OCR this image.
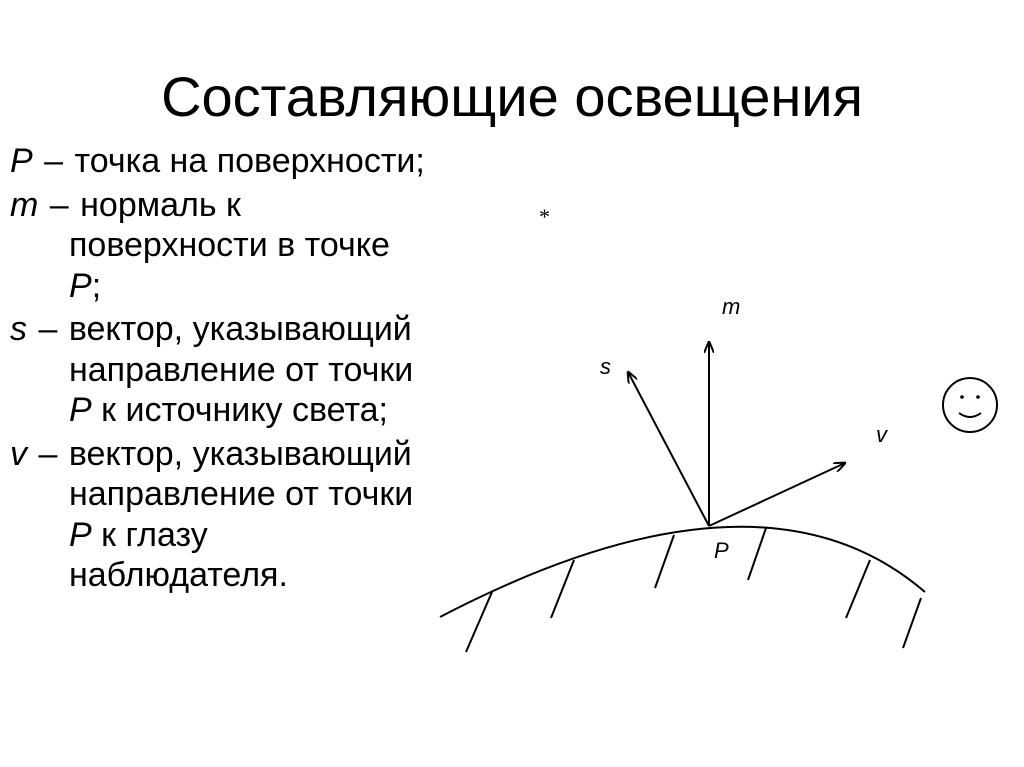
Составляющие освещения

P – точка на поверхности;

m – нормаль к поверхности в точке P;

s – вектор, указывающий направление от точки P к источнику света;

v – вектор, указывающий направление от точки P к глазу наблюдателя.

m
s
v
P
*
